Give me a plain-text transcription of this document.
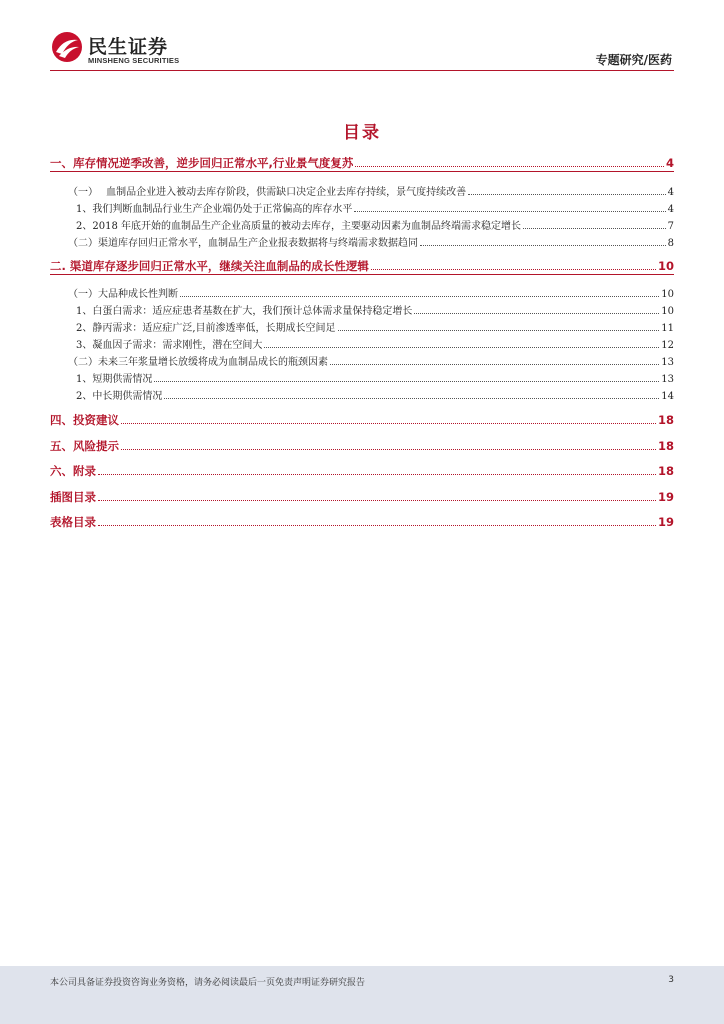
民生证券
MINSHENG SECURITIES	专题研究/医药
目录
一、库存情况逆季改善，逆步回归正常水平,行业景气度复苏	4
（一）　 血制品企业进入被动去库存阶段，供需缺口决定企业去库存持续，景气度持续改善	4
1、我们判断血制品行业生产企业端仍处于正常偏高的库存水平	4
2、2018 年底开始的血制品生产企业高质量的被动去库存，主要驱动因素为血制品终端需求稳定增长	7
（二）渠道库存回归正常水平，血制品生产企业报表数据将与终端需求数据趋同	8
二. 渠道库存逐步回归正常水平，继续关注血制品的成长性逻辑	10
（一）大品种成长性判断	10
1、白蛋白需求：适应症患者基数在扩大，我们预计总体需求量保持稳定增长	10
2、静丙需求：适应症广泛,目前渗透率低，长期成长空间足	11
3、凝血因子需求：需求刚性，潜在空间大	12
（二）未来三年浆量增长放缓将成为血制品成长的瓶颈因素	13
1、短期供需情况	13
2、中长期供需情况	14
四、投资建议	18
五、风险提示	18
六、附录	18
插图目录	19
表格目录	19
本公司具备证券投资咨询业务资格，请务必阅读最后一页免责声明证券研究报告	3
